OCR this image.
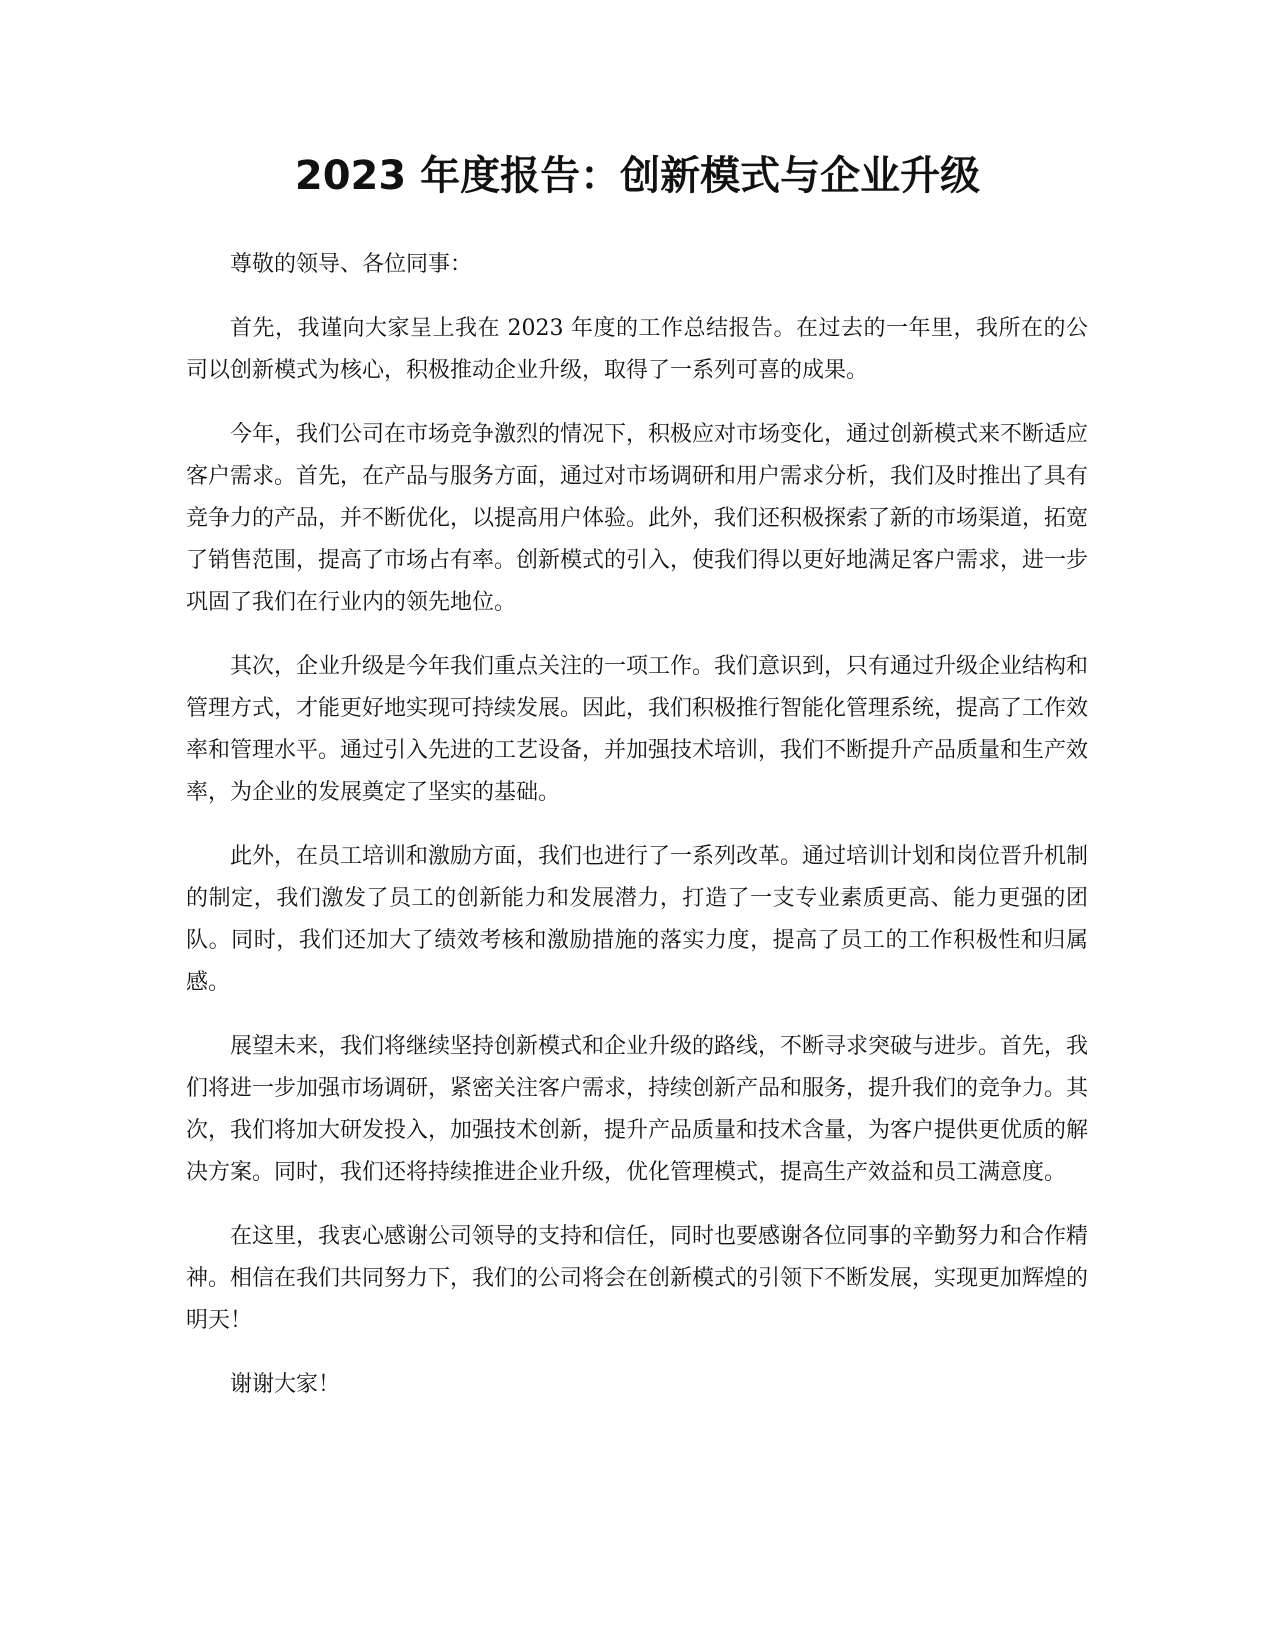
2023 年度报告：创新模式与企业升级

尊敬的领导、各位同事：

首先，我谨向大家呈上我在 2023 年度的工作总结报告。在过去的一年里，我所在的公司以创新模式为核心，积极推动企业升级，取得了一系列可喜的成果。

今年，我们公司在市场竞争激烈的情况下，积极应对市场变化，通过创新模式来不断适应客户需求。首先，在产品与服务方面，通过对市场调研和用户需求分析，我们及时推出了具有竞争力的产品，并不断优化，以提高用户体验。此外，我们还积极探索了新的市场渠道，拓宽了销售范围，提高了市场占有率。创新模式的引入，使我们得以更好地满足客户需求，进一步巩固了我们在行业内的领先地位。

其次，企业升级是今年我们重点关注的一项工作。我们意识到，只有通过升级企业结构和管理方式，才能更好地实现可持续发展。因此，我们积极推行智能化管理系统，提高了工作效率和管理水平。通过引入先进的工艺设备，并加强技术培训，我们不断提升产品质量和生产效率，为企业的发展奠定了坚实的基础。

此外，在员工培训和激励方面，我们也进行了一系列改革。通过培训计划和岗位晋升机制的制定，我们激发了员工的创新能力和发展潜力，打造了一支专业素质更高、能力更强的团队。同时，我们还加大了绩效考核和激励措施的落实力度，提高了员工的工作积极性和归属感。

展望未来，我们将继续坚持创新模式和企业升级的路线，不断寻求突破与进步。首先，我们将进一步加强市场调研，紧密关注客户需求，持续创新产品和服务，提升我们的竞争力。其次，我们将加大研发投入，加强技术创新，提升产品质量和技术含量，为客户提供更优质的解决方案。同时，我们还将持续推进企业升级，优化管理模式，提高生产效益和员工满意度。

在这里，我衷心感谢公司领导的支持和信任，同时也要感谢各位同事的辛勤努力和合作精神。相信在我们共同努力下，我们的公司将会在创新模式的引领下不断发展，实现更加辉煌的明天！

谢谢大家！
